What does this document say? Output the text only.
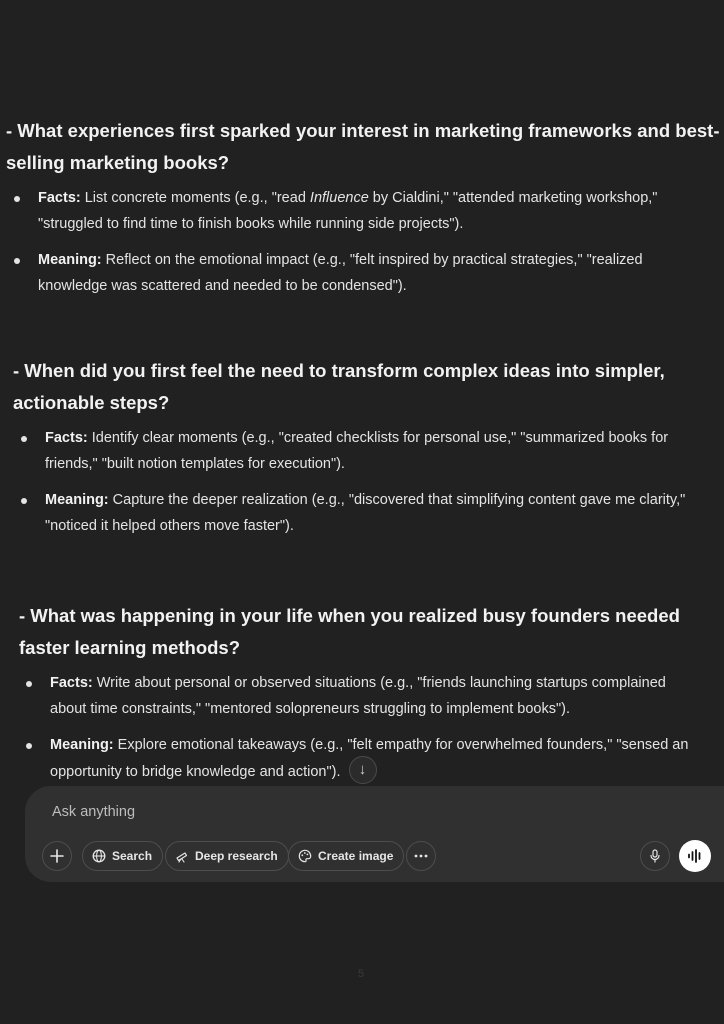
- What experiences first sparked your interest in marketing frameworks and best-selling marketing books?

Facts: List concrete moments (e.g., "read Influence by Cialdini," "attended marketing workshop," "struggled to find time to finish books while running side projects").
Meaning: Reflect on the emotional impact (e.g., "felt inspired by practical strategies," "realized knowledge was scattered and needed to be condensed").

- When did you first feel the need to transform complex ideas into simpler, actionable steps?

Facts: Identify clear moments (e.g., "created checklists for personal use," "summarized books for friends," "built notion templates for execution").
Meaning: Capture the deeper realization (e.g., "discovered that simplifying content gave me clarity," "noticed it helped others move faster").

- What was happening in your life when you realized busy founders needed faster learning methods?

Facts: Write about personal or observed situations (e.g., "friends launching startups complained about time constraints," "mentored solopreneurs struggling to implement books").
Meaning: Explore emotional takeaways (e.g., "felt empathy for overwhelmed founders," "sensed an opportunity to bridge knowledge and action"). ↓
Ask anything
Search	Deep research	Create image
5
